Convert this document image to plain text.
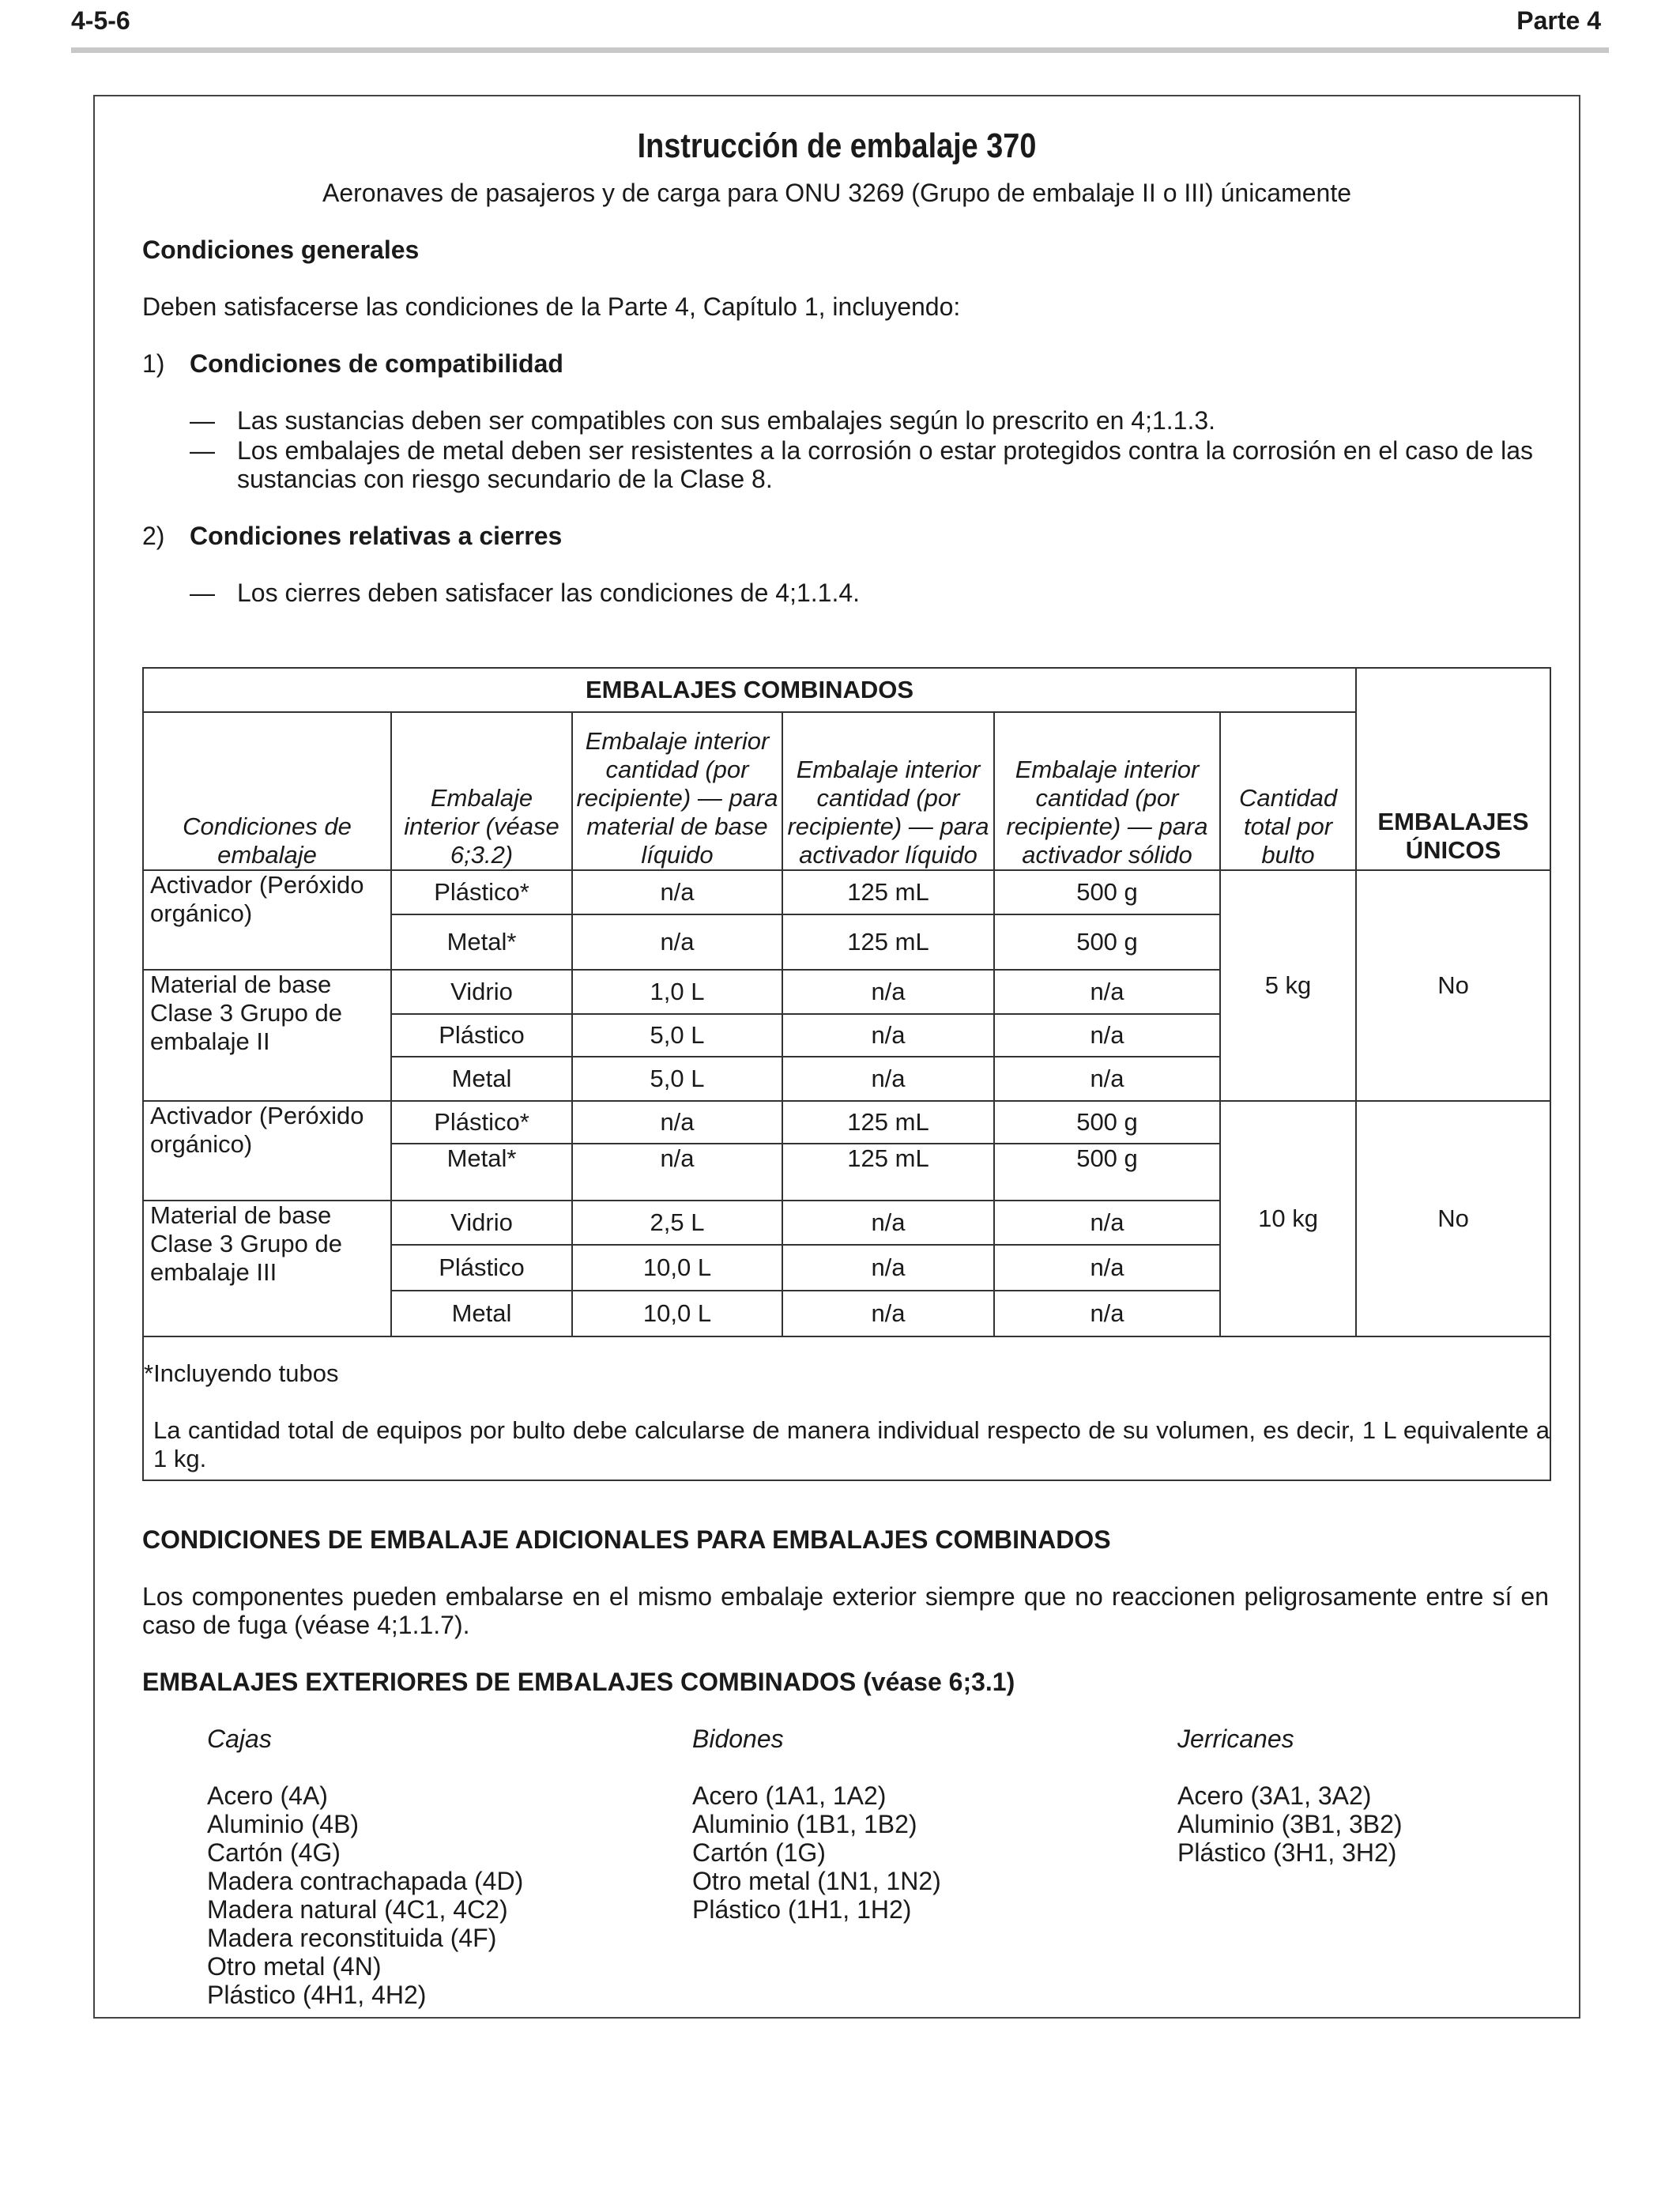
4-5-6	Parte 4
Instrucción de embalaje 370
Aeronaves de pasajeros y de carga para ONU 3269 (Grupo de embalaje II o III) únicamente
Condiciones generales
Deben satisfacerse las condiciones de la Parte 4, Capítulo 1, incluyendo:
1) Condiciones de compatibilidad
— Las sustancias deben ser compatibles con sus embalajes según lo prescrito en 4;1.1.3.
— Los embalajes de metal deben ser resistentes a la corrosión o estar protegidos contra la corrosión en el caso de las sustancias con riesgo secundario de la Clase 8.
2) Condiciones relativas a cierres
— Los cierres deben satisfacer las condiciones de 4;1.1.4.
EMBALAJES COMBINADOS						EMBALAJES ÚNICOS
Condiciones de embalaje	Embalaje interior (véase 6;3.2)	Embalaje interior cantidad (por recipiente) — para material de base líquido	Embalaje interior cantidad (por recipiente) — para activador líquido	Embalaje interior cantidad (por recipiente) — para activador sólido	Cantidad total por bulto	
Activador (Peróxido orgánico)	Plástico*	n/a	125 mL	500 g	5 kg	No
	Metal*	n/a	125 mL	500 g		
Material de base Clase 3 Grupo de embalaje II	Vidrio	1,0 L	n/a	n/a		
	Plástico	5,0 L	n/a	n/a		
	Metal	5,0 L	n/a	n/a		
Activador (Peróxido orgánico)	Plástico*	n/a	125 mL	500 g	10 kg	No
	Metal*	n/a	125 mL	500 g		
Material de base Clase 3 Grupo de embalaje III	Vidrio	2,5 L	n/a	n/a		
	Plástico	10,0 L	n/a	n/a		
	Metal	10,0 L	n/a	n/a		

*Incluyendo tubos
La cantidad total de equipos por bulto debe calcularse de manera individual respecto de su volumen, es decir, 1 L equivalente a 1 kg.						
CONDICIONES DE EMBALAJE ADICIONALES PARA EMBALAJES COMBINADOS
Los componentes pueden embalarse en el mismo embalaje exterior siempre que no reaccionen peligrosamente entre sí en caso de fuga (véase 4;1.1.7).
EMBALAJES EXTERIORES DE EMBALAJES COMBINADOS (véase 6;3.1)
Cajas
Acero (4A)
Aluminio (4B)
Cartón (4G)
Madera contrachapada (4D)
Madera natural (4C1, 4C2)
Madera reconstituida (4F)
Otro metal (4N)
Plástico (4H1, 4H2)
Bidones
Acero (1A1, 1A2)
Aluminio (1B1, 1B2)
Cartón (1G)
Otro metal (1N1, 1N2)
Plástico (1H1, 1H2)
Jerricanes
Acero (3A1, 3A2)
Aluminio (3B1, 3B2)
Plástico (3H1, 3H2)
